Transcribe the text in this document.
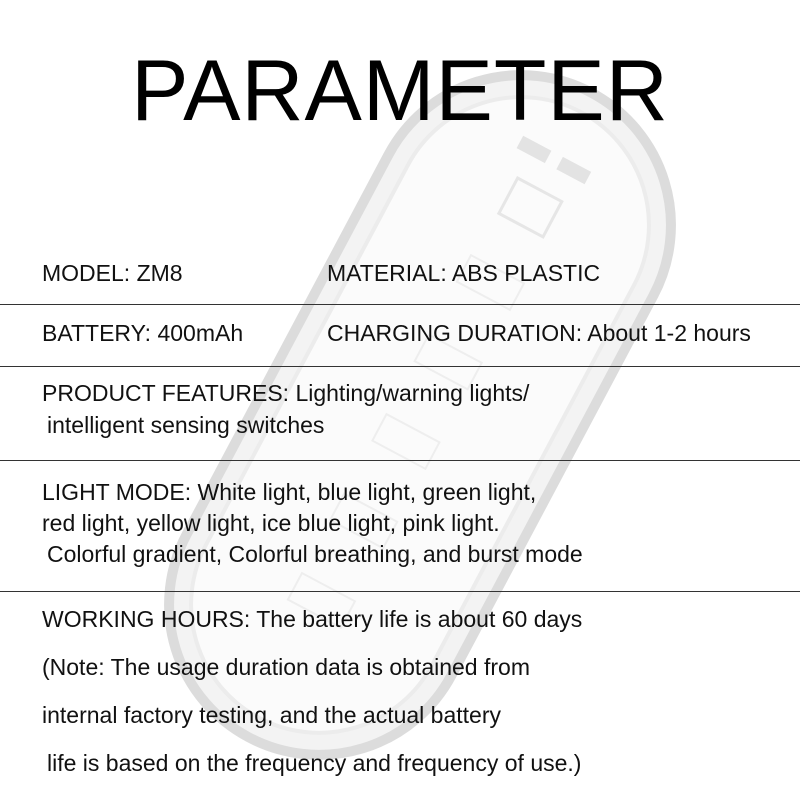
PARAMETER
MODEL: ZM8	MATERIAL: ABS PLASTIC
BATTERY: 400mAh	CHARGING DURATION: About 1-2 hours
PRODUCT FEATURES: Lighting/warning lights/
intelligent sensing switches
LIGHT MODE: White light, blue light, green light,
red light, yellow light, ice blue light, pink light.
Colorful gradient, Colorful breathing, and burst mode
WORKING HOURS: The battery life is about 60 days
(Note: The usage duration data is obtained from
internal factory testing, and the actual battery
life is based on the frequency and frequency of use.)
